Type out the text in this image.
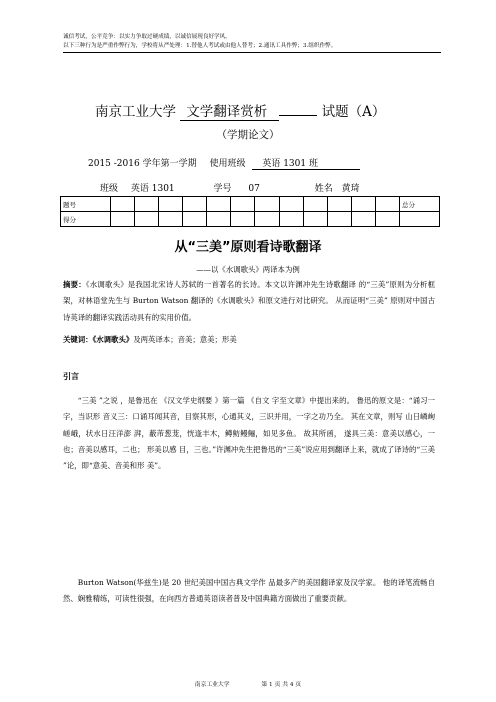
诚信考试，公平竞争：以实力争取过硬成绩，以诚信展现良好学风。
以下三种行为是严重作弊行为，学校将从严处理：1.替他人考试或由他人替考；2.通讯工具作弊；3.组织作弊。
南京工业大学 文学翻译赏析	试题（A）
（学期论文）
2015 -2016 学年第一学期 使用班级 英语 1301 班
班级 英语 1301	学号 07	姓名 黄琦
题号													总分
得分													
从“三美”原则看诗歌翻译
——以《水调歌头》两译本为例
摘要：《水调歌头》是我国北宋诗人苏轼的一首著名的长诗。本文以许渊冲先生诗歌翻译 的“三美”原则为分析框架，对林语堂先生与 Burton Watson 翻译的《水调歌头》和原文进行对比研究。 从而证明“三美” 原则对中国古诗英译的翻译实践活动具有的实用价值。
关键词：《水调歌头》及两英译本；音美；意美；形美
引言
“三美 ”之说 ，是鲁迅在 《汉文学史纲要 》第一篇 《自文 字至文章》中提出来的。 鲁迅的原文是：“诵习一字，当识形 音义三：口诵耳闻其音，目察其形，心通其义，三识并用，一字之功乃全。 其在文章，则写 山日嶙峋嵯峨，状水日汪洋澎 湃，蔽芾葱茏，恍逢丰木，鳟鲂鳗鲡，如见多鱼。 故其所函， 遂具三美：意美以感心，一也；音美以感耳，二也； 形美以感 目，三也。”许渊冲先生把鲁迅的“三美”说应用到翻译上来，就成了译诗的“三美 ”论，即“意美、音美和形 美”。
Burton Watson(华兹生)是 20 世纪美国中国古典文学作 品最多产的美国翻译家及汉学家。 他的译笔流畅自然、娴雅精练，可读性很强，在向西方普通英语读者普及中国典籍方面做出了重要贡献。
南京工业大学	第 1 页 共 4 页
